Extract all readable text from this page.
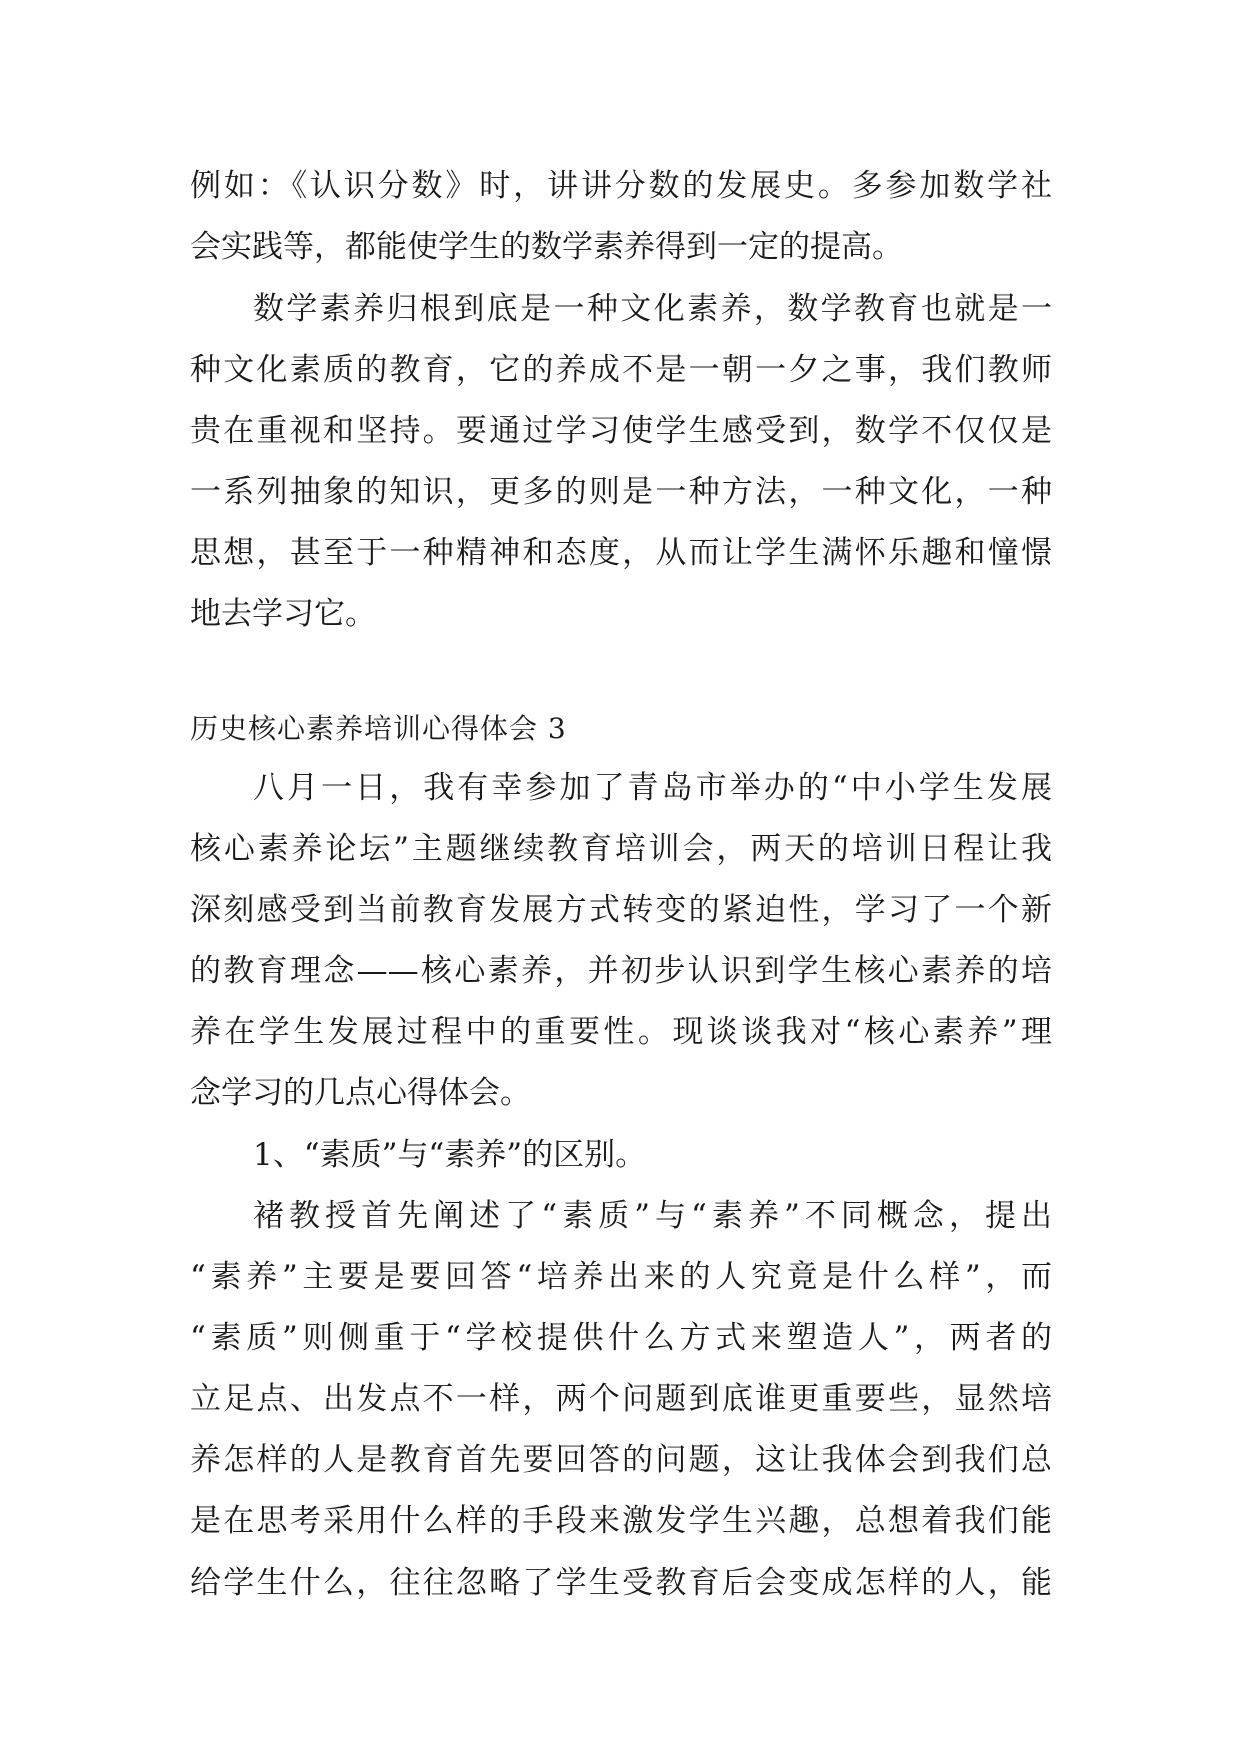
例如：《认识分数》时，讲讲分数的发展史。多参加数学社
会实践等，都能使学生的数学素养得到一定的提高。
数学素养归根到底是一种文化素养，数学教育也就是一
种文化素质的教育，它的养成不是一朝一夕之事，我们教师
贵在重视和坚持。要通过学习使学生感受到，数学不仅仅是
一系列抽象的知识，更多的则是一种方法，一种文化，一种
思想，甚至于一种精神和态度，从而让学生满怀乐趣和憧憬
地去学习它。
历史核心素养培训心得体会 3
八月一日，我有幸参加了青岛市举办的“中小学生发展
核心素养论坛”主题继续教育培训会，两天的培训日程让我
深刻感受到当前教育发展方式转变的紧迫性，学习了一个新
的教育理念——核心素养，并初步认识到学生核心素养的培
养在学生发展过程中的重要性。现谈谈我对“核心素养”理
念学习的几点心得体会。
1、“素质”与“素养”的区别。
褚教授首先阐述了“素质”与“素养”不同概念，提出
“素养”主要是要回答“培养出来的人究竟是什么样”，而
“素质”则侧重于“学校提供什么方式来塑造人”，两者的
立足点、出发点不一样，两个问题到底谁更重要些，显然培
养怎样的人是教育首先要回答的问题，这让我体会到我们总
是在思考采用什么样的手段来激发学生兴趣，总想着我们能
给学生什么，往往忽略了学生受教育后会变成怎样的人，能
